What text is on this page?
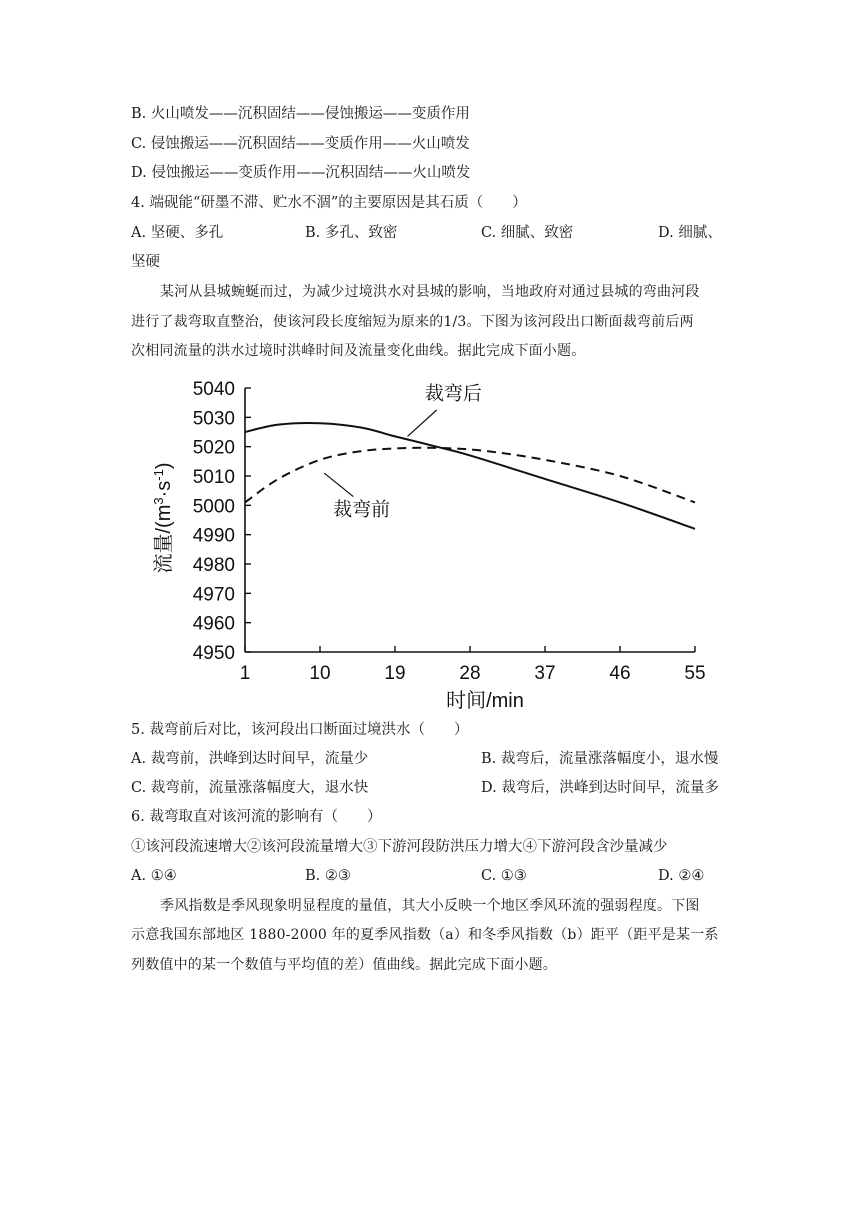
B. 火山喷发——沉积固结——侵蚀搬运——变质作用
C. 侵蚀搬运——沉积固结——变质作用——火山喷发
D. 侵蚀搬运——变质作用——沉积固结——火山喷发
4. 端砚能“研墨不滞、贮水不涸”的主要原因是其石质（　　）
A. 坚硬、多孔	B. 多孔、致密	C. 细腻、致密	D. 细腻、
坚硬
某河从县城蜿蜒而过，为减少过境洪水对县城的影响，当地政府对通过县城的弯曲河段
进行了裁弯取直整治，使该河段长度缩短为原来的1/3。下图为该河段出口断面裁弯前后两
次相同流量的洪水过境时洪峰时间及流量变化曲线。据此完成下面小题。
4950
4960
4970
4980
4990
5000
5010
5020
5030
5040
1	10	19	28	37	46	55
时间/min
流量$/(m^3\cdot s^{-1})$
裁弯后
裁弯前
5. 裁弯前后对比，该河段出口断面过境洪水（　　）
A. 裁弯前，洪峰到达时间早，流量少	B. 裁弯后，流量涨落幅度小，退水慢
C. 裁弯前，流量涨落幅度大，退水快	D. 裁弯后，洪峰到达时间早，流量多
6. 裁弯取直对该河流的影响有（　　）
①该河段流速增大②该河段流量增大③下游河段防洪压力增大④下游河段含沙量减少
A. ①④	B. ②③	C. ①③	D. ②④
季风指数是季风现象明显程度的量值，其大小反映一个地区季风环流的强弱程度。下图
示意我国东部地区 1880-2000 年的夏季风指数（a）和冬季风指数（b）距平（距平是某一系
列数值中的某一个数值与平均值的差）值曲线。据此完成下面小题。
